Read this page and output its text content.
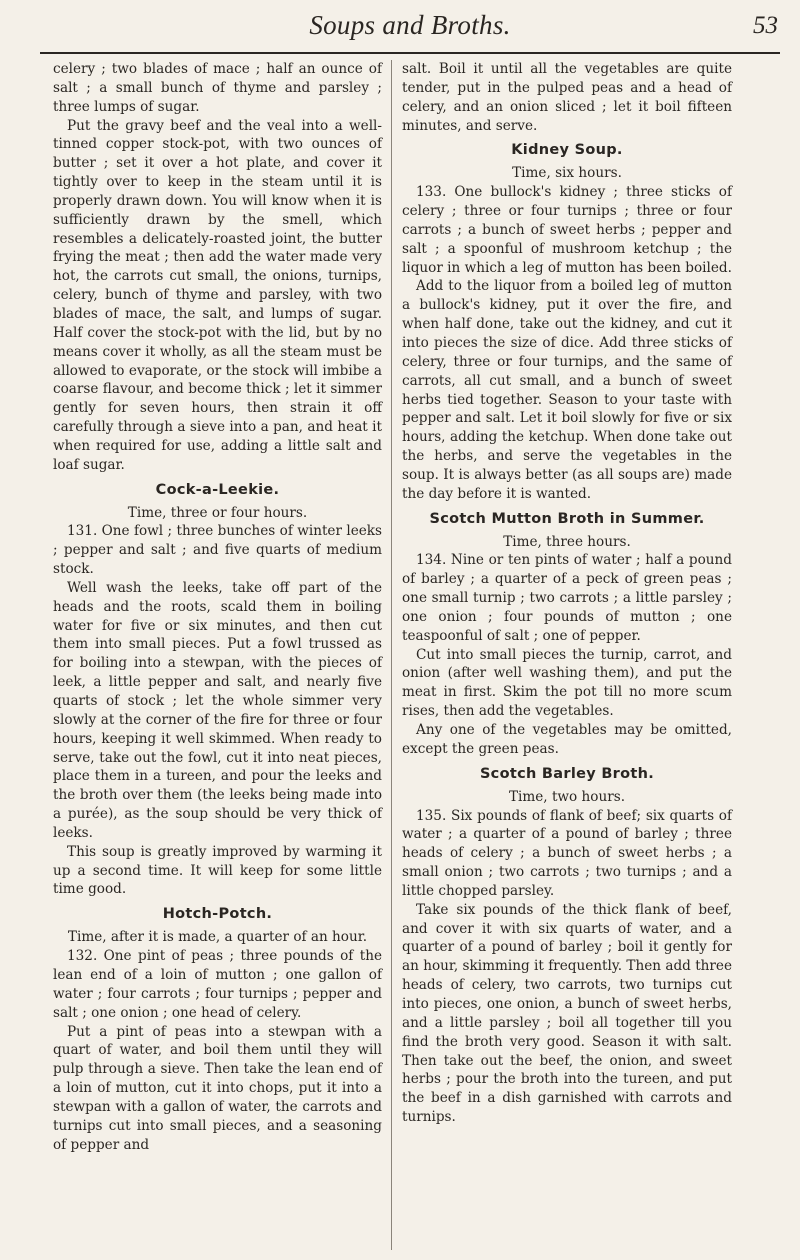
Soups and Broths.	53

celery ; two blades of mace ; half an ounce of salt ; a small bunch of thyme and parsley ; three lumps of sugar.

Put the gravy beef and the veal into a well-tinned copper stock-pot, with two ounces of butter ; set it over a hot plate, and cover it tightly over to keep in the steam until it is properly drawn down. You will know when it is sufficiently drawn by the smell, which resembles a delicately-roasted joint, the butter frying the meat ; then add the water made very hot, the carrots cut small, the onions, turnips, celery, bunch of thyme and parsley, with two blades of mace, the salt, and lumps of sugar. Half cover the stock-pot with the lid, but by no means cover it wholly, as all the steam must be allowed to evaporate, or the stock will imbibe a coarse flavour, and become thick ; let it simmer gently for seven hours, then strain it off carefully through a sieve into a pan, and heat it when required for use, adding a little salt and loaf sugar.

Cock-a-Leekie.

Time, three or four hours.

131. One fowl ; three bunches of winter leeks ; pepper and salt ; and five quarts of medium stock.

Well wash the leeks, take off part of the heads and the roots, scald them in boiling water for five or six minutes, and then cut them into small pieces. Put a fowl trussed as for boiling into a stewpan, with the pieces of leek, a little pepper and salt, and nearly five quarts of stock ; let the whole simmer very slowly at the corner of the fire for three or four hours, keeping it well skimmed. When ready to serve, take out the fowl, cut it into neat pieces, place them in a tureen, and pour the leeks and the broth over them (the leeks being made into a purée), as the soup should be very thick of leeks.

This soup is greatly improved by warming it up a second time. It will keep for some little time good.

Hotch-Potch.

Time, after it is made, a quarter of an hour.

132. One pint of peas ; three pounds of the lean end of a loin of mutton ; one gallon of water ; four carrots ; four turnips ; pepper and salt ; one onion ; one head of celery.

Put a pint of peas into a stewpan with a quart of water, and boil them until they will pulp through a sieve. Then take the lean end of a loin of mutton, cut it into chops, put it into a stewpan with a gallon of water, the carrots and turnips cut into small pieces, and a seasoning of pepper and

salt. Boil it until all the vegetables are quite tender, put in the pulped peas and a head of celery, and an onion sliced ; let it boil fifteen minutes, and serve.

Kidney Soup.

Time, six hours.

133. One bullock's kidney ; three sticks of celery ; three or four turnips ; three or four carrots ; a bunch of sweet herbs ; pepper and salt ; a spoonful of mushroom ketchup ; the liquor in which a leg of mutton has been boiled.

Add to the liquor from a boiled leg of mutton a bullock's kidney, put it over the fire, and when half done, take out the kidney, and cut it into pieces the size of dice. Add three sticks of celery, three or four turnips, and the same of carrots, all cut small, and a bunch of sweet herbs tied together. Season to your taste with pepper and salt. Let it boil slowly for five or six hours, adding the ketchup. When done take out the herbs, and serve the vegetables in the soup. It is always better (as all soups are) made the day before it is wanted.

Scotch Mutton Broth in Summer.

Time, three hours.

134. Nine or ten pints of water ; half a pound of barley ; a quarter of a peck of green peas ; one small turnip ; two carrots ; a little parsley ; one onion ; four pounds of mutton ; one teaspoonful of salt ; one of pepper.

Cut into small pieces the turnip, carrot, and onion (after well washing them), and put the meat in first. Skim the pot till no more scum rises, then add the vegetables.

Any one of the vegetables may be omitted, except the green peas.

Scotch Barley Broth.

Time, two hours.

135. Six pounds of flank of beef; six quarts of water ; a quarter of a pound of barley ; three heads of celery ; a bunch of sweet herbs ; a small onion ; two carrots ; two turnips ; and a little chopped parsley.

Take six pounds of the thick flank of beef, and cover it with six quarts of water, and a quarter of a pound of barley ; boil it gently for an hour, skimming it frequently. Then add three heads of celery, two carrots, two turnips cut into pieces, one onion, a bunch of sweet herbs, and a little parsley ; boil all together till you find the broth very good. Season it with salt. Then take out the beef, the onion, and sweet herbs ; pour the broth into the tureen, and put the beef in a dish garnished with carrots and turnips.
